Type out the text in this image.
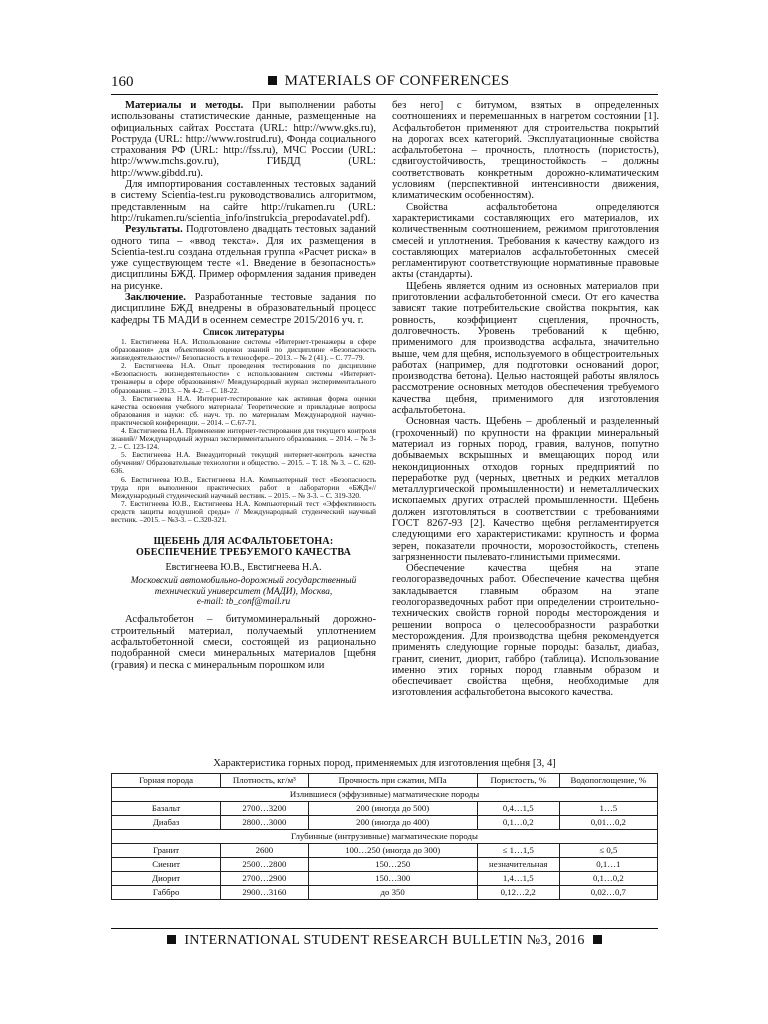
160	MATERIALS OF CONFERENCES

Материалы и методы. При выполнении работы использованы статистические данные, размещенные на официальных сайтах Росстата (URL: http://www.gks.ru), Роструда (URL: http://www.rostrud.ru), Фонда социального страхования РФ (URL: http://fss.ru), МЧС России (URL: http://www.mchs.gov.ru), ГИБДД (URL: http://www.gibdd.ru).

Для импортирования составленных тестовых заданий в систему Scientia-test.ru руководствовались алгоритмом, представленным на сайте http://rukamen.ru (URL: http://rukamen.ru/scientia_info/instrukcia_prepodavatel.pdf).

Результаты. Подготовлено двадцать тестовых заданий одного типа – «ввод текста». Для их размещения в Scientia-test.ru создана отдельная группа «Расчет риска» в уже существующем тесте «1. Введение в безопасность» дисциплины БЖД. Пример оформления задания приведен на рисунке.

Заключение. Разработанные тестовые задания по дисциплине БЖД внедрены в образовательный процесс кафедры ТБ МАДИ в осеннем семестре 2015/2016 уч. г.

Список литературы

1. Евстигнеева Н.А. Использование системы «Интернет-тренажеры в сфере образования» для объективной оценки знаний по дисциплине «Безопасность жизнедеятельности»// Безопасность в техносфере.– 2013. – № 2 (41). – С. 77–79.

2. Евстигнеева Н.А. Опыт проведения тестирования по дисциплине «Безопасность жизнедеятельности» с использованием системы «Интернет-тренажеры в сфере образования»// Международный журнал экспериментального образования. – 2013. – № 4-2. – С. 18-22.

3. Евстигнеева Н.А. Интернет-тестирование как активная форма оценки качества освоения учебного материала/ Теоретические и прикладные вопросы образования и науки: сб. науч. тр. по материалам Международной научно-практической конференции. – 2014. – С.67-71.

4. Евстигнеева Н.А. Применение интернет-тестирования для текущего контроля знаний// Международный журнал экспериментального образования. – 2014. – № 3-2. – С. 123-124.

5. Евстигнеева Н.А. Внеаудиторный текущий интернет-контроль качества обучения// Образовательные технологии и общество. – 2015. – Т. 18. № 3. – С. 620-636.

6. Евстигнеева Ю.В., Евстигнеева Н.А. Компьютерный тест «Безопасность труда при выполнении практических работ в лаборатории «БЖД»// Международный студенческий научный вестник. – 2015. – № 3-3. – С. 319-320.

7. Евстигнеева Ю.В., Евстигнеева Н.А. Компьютерный тест «Эффективность средств защиты воздушной среды» // Международный студенческий научный вестник. –2015. – №3-3. – С.320-321.

ЩЕБЕНЬ ДЛЯ АСФАЛЬТОБЕТОНА:
ОБЕСПЕЧЕНИЕ ТРЕБУЕМОГО КАЧЕСТВА
Евстигнеева Ю.В., Евстигнеева Н.А.
Московский автомобильно-дорожный государственный технический университет (МАДИ), Москва,
e-mail: tb_conf@mail.ru

Асфальтобетон – битумоминеральный дорожно-строительный материал, получаемый уплотнением асфальтобетонной смеси, состоящей из рационально подобранной смеси минеральных материалов [щебня (гравия) и песка с минеральным порошком или

без него] с битумом, взятых в определенных соотношениях и перемешанных в нагретом состоянии [1]. Асфальтобетон применяют для строительства покрытий на дорогах всех категорий. Эксплуатационные свойства асфальтобетона – прочность, плотность (пористость), сдвигоустойчивость, трещиностойкость – должны соответствовать конкретным дорожно-климатическим условиям (перспективной интенсивности движения, климатическим особенностям).

Свойства асфальтобетона определяются характеристиками составляющих его материалов, их количественным соотношением, режимом приготовления смесей и уплотнения. Требования к качеству каждого из составляющих материалов асфальтобетонных смесей регламентируют соответствующие нормативные правовые акты (стандарты).

Щебень является одним из основных материалов при приготовлении асфальтобетонной смеси. От его качества зависят такие потребительские свойства покрытия, как ровность, коэффициент сцепления, прочность, долговечность. Уровень требований к щебню, применимого для производства асфальта, значительно выше, чем для щебня, используемого в общестроительных работах (например, для подготовки оснований дорог, производства бетона). Целью настоящей работы являлось рассмотрение основных методов обеспечения требуемого качества щебня, применимого для изготовления асфальтобетона.

Основная часть. Щебень – дробленый и разделенный (грохоченный) по крупности на фракции минеральный материал из горных пород, гравия, валунов, попутно добываемых вскрышных и вмещающих пород или некондиционных отходов горных предприятий по переработке руд (черных, цветных и редких металлов металлургической промышленности) и неметаллических ископаемых других отраслей промышленности. Щебень должен изготовляться в соответствии с требованиями ГОСТ 8267-93 [2]. Качество щебня регламентируется следующими его характеристиками: крупность и форма зерен, показатели прочности, морозостойкость, степень загрязненности пылевато-глинистыми примесями.

Обеспечение качества щебня на этапе геологоразведочных работ. Обеспечение качества щебня закладывается главным образом на этапе геологоразведочных работ при определении строительно-технических свойств горной породы месторождения и решении вопроса о целесообразности разработки месторождения. Для производства щебня рекомендуется применять следующие горные породы: базальт, диабаз, гранит, сиенит, диорит, габбро (таблица). Использование именно этих горных пород главным образом и обеспечивает свойства щебня, необходимые для изготовления асфальтобетона высокого качества.

Характеристика горных пород, применяемых для изготовления щебня [3, 4]
Горная порода	Плотность, кг/м³	Прочность при сжатии, МПа	Пористость, %	Водопоглощение, %
Излившиеся (эффузивные) магматические породы				
Базальт	2700…3200	200 (иногда до 500)	0,4…1,5	1…5
Диабаз	2800…3000	200 (иногда до 400)	0,1…0,2	0,01…0,2
Глубинные (интрузивные) магматические породы				
Гранит	2600	100…250 (иногда до 300)	≤ 1…1,5	≤ 0,5
Сиенит	2500…2800	150…250	незначительная	0,1…1
Диорит	2700…2900	150…300	1,4…1,5	0,1…0,2
Габбро	2900…3160	до 350	0,12…2,2	0,02…0,7
INTERNATIONAL STUDENT RESEARCH BULLETIN №3, 2016
